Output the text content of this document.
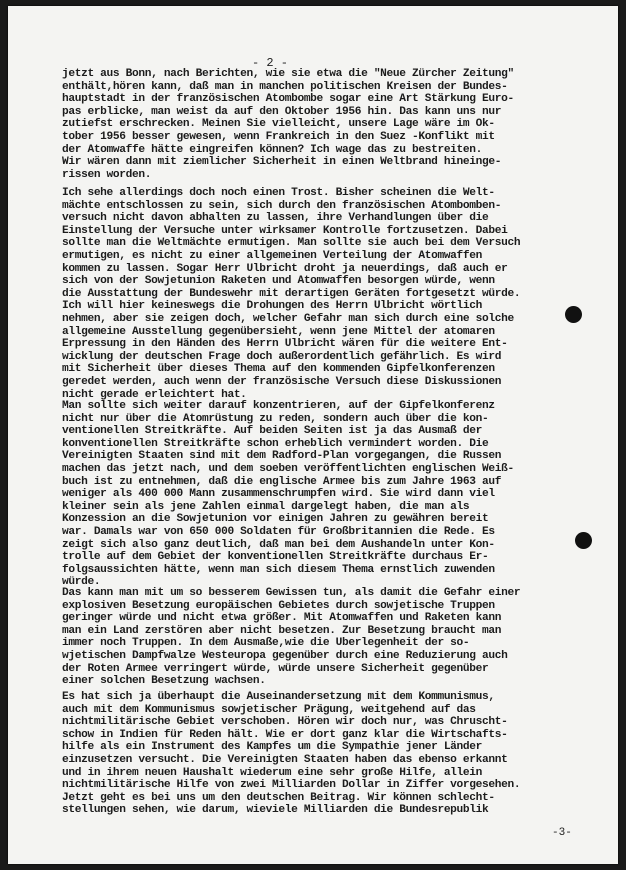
- 2 -
jetzt aus Bonn, nach Berichten, wie sie etwa die "Neue Zürcher Zeitung"
enthält,hören kann, daß man in manchen politischen Kreisen der Bundes-
hauptstadt in der französischen Atombombe sogar eine Art Stärkung Euro-
pas erblicke, man weist da auf den Oktober 1956 hin. Das kann uns nur
zutiefst erschrecken. Meinen Sie vielleicht, unsere Lage wäre im Ok-
tober 1956 besser gewesen, wenn Frankreich in den Suez -Konflikt mit
der Atomwaffe hätte eingreifen können? Ich wage das zu bestreiten.
Wir wären dann mit ziemlicher Sicherheit in einen Weltbrand hineinge-
rissen worden.
Ich sehe allerdings doch noch einen Trost. Bisher scheinen die Welt-
mächte entschlossen zu sein, sich durch den französischen Atombomben-
versuch nicht davon abhalten zu lassen, ihre Verhandlungen über die
Einstellung der Versuche unter wirksamer Kontrolle fortzusetzen. Dabei
sollte man die Weltmächte ermutigen. Man sollte sie auch bei dem Versuch
ermutigen, es nicht zu einer allgemeinen Verteilung der Atomwaffen
kommen zu lassen. Sogar Herr Ulbricht droht ja neuerdings, daß auch er
sich von der Sowjetunion Raketen und Atomwaffen besorgen würde, wenn
die Ausstattung der Bundeswehr mit derartigen Geräten fortgesetzt würde.
Ich will hier keineswegs die Drohungen des Herrn Ulbricht wörtlich
nehmen, aber sie zeigen doch, welcher Gefahr man sich durch eine solche
allgemeine Ausstellung gegenübersieht, wenn jene Mittel der atomaren
Erpressung in den Händen des Herrn Ulbricht wären für die weitere Ent-
wicklung der deutschen Frage doch außerordentlich gefährlich. Es wird
mit Sicherheit über dieses Thema auf den kommenden Gipfelkonferenzen
geredet werden, auch wenn der französische Versuch diese Diskussionen
nicht gerade erleichtert hat.
Man sollte sich weiter darauf konzentrieren, auf der Gipfelkonferenz
nicht nur über die Atomrüstung zu reden, sondern auch über die kon-
ventionellen Streitkräfte. Auf beiden Seiten ist ja das Ausmaß der
konventionellen Streitkräfte schon erheblich vermindert worden. Die
Vereinigten Staaten sind mit dem Radford-Plan vorgegangen, die Russen
machen das jetzt nach, und dem soeben veröffentlichten englischen Weiß-
buch ist zu entnehmen, daß die englische Armee bis zum Jahre 1963 auf
weniger als 400 000 Mann zusammenschrumpfen wird. Sie wird dann viel
kleiner sein als jene Zahlen einmal dargelegt haben, die man als
Konzession an die Sowjetunion vor einigen Jahren zu gewähren bereit
war. Damals war von 650 000 Soldaten für Großbritannien die Rede. Es
zeigt sich also ganz deutlich, daß man bei dem Aushandeln unter Kon-
trolle auf dem Gebiet der konventionellen Streitkräfte durchaus Er-
folgsaussichten hätte, wenn man sich diesem Thema ernstlich zuwenden
würde.
Das kann man mit um so besserem Gewissen tun, als damit die Gefahr einer
explosiven Besetzung europäischen Gebietes durch sowjetische Truppen
geringer würde und nicht etwa größer. Mit Atomwaffen und Raketen kann
man ein Land zerstören aber nicht besetzen. Zur Besetzung braucht man
immer noch Truppen. In dem Ausmaße,wie die Überlegenheit der so-
wjetischen Dampfwalze Westeuropa gegenüber durch eine Reduzierung auch
der Roten Armee verringert würde, würde unsere Sicherheit gegenüber
einer solchen Besetzung wachsen.
Es hat sich ja überhaupt die Auseinandersetzung mit dem Kommunismus,
auch mit dem Kommunismus sowjetischer Prägung, weitgehend auf das
nichtmilitärische Gebiet verschoben. Hören wir doch nur, was Chruscht-
schow in Indien für Reden hält. Wie er dort ganz klar die Wirtschafts-
hilfe als ein Instrument des Kampfes um die Sympathie jener Länder
einzusetzen versucht. Die Vereinigten Staaten haben das ebenso erkannt
und in ihrem neuen Haushalt wiederum eine sehr große Hilfe, allein
nichtmilitärische Hilfe von zwei Milliarden Dollar in Ziffer vorgesehen.
Jetzt geht es bei uns um den deutschen Beitrag. Wir können schlecht-
stellungen sehen, wie darum, wieviele Milliarden die Bundesrepublik
-3-
